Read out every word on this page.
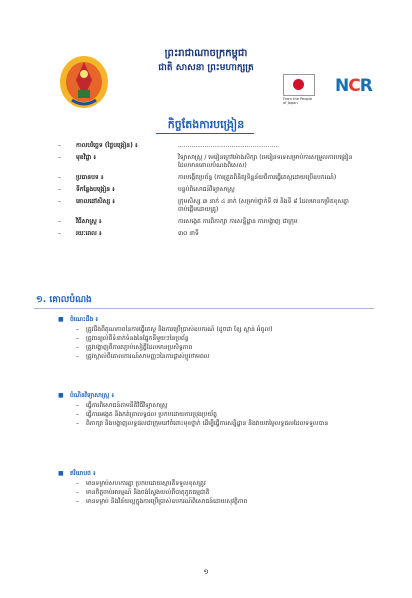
ព្រះរាជាណាចក្រកម្ពុជា
ជាតិ សាសនា ព្រះមហាក្សត្រ
From the People of Japan
NCR
កិច្ចតែងការបង្រៀន
–	កាលបរិច្ឆេទ (ថ្ងៃបង្រៀន) ៖	.....................................................
–	មុខវិជ្ជា ៖	វិទ្យាសាស្ត្រ / មេរៀនក្រៅម៉ោងសិក្សា (មេរៀនទទេសម្រាប់ការសម្រួលការបង្រៀនដែលមានគោលបំណងពិសេស)
–	ប្រធានបទ ៖	ការបង្កើតប្រព័ន្ធ (ការត្រួតពិនិត្យទិន្នន័យពីការធ្វើតេស្តដោយប្រើឧបករណ៍)
–	ទីកន្លែងបង្រៀន ៖	បន្ទប់ពិសោធន៍វិទ្យាសាស្ត្រ
–	គោលដៅសិស្ស ៖	ក្រុមសិស្ស ៣ នាក់ ៤ នាក់ (សម្រាប់ថ្នាក់ទី ៧ និងទី ៨ ដែលមានកម្រិតខុសគ្នា ចាប់ផ្តើមដោយគ្រូ)
–	វិធីសាស្ត្រ ៖	ការសង្កេត ការពិភាក្សា ការសន្និដ្ឋាន ការបង្ហាញ ជាក្រុម
–	រយៈពេល ៖	៣០ នាទី
១. គោលបំណង
■ ចំណេះដឹង ៖
– ត្រូវដឹងពីគុណភាពនៃការធ្វើតេស្ត និងការប្រើប្រាស់ឧបករណ៍ (ដូចជា ខ្សែ ស្ពាន់ អំពូល)
– ត្រូវពន្យល់ពីទំនាក់ទំនងនៃផ្នែកនីមួយៗនៃប្រព័ន្ធ
– ត្រូវបង្ហាញពីការតភ្ជាប់សៀគ្វីដែលមានប្រសិទ្ធភាព
– ត្រូវស្គាល់ពីគោលការណ៍សាមញ្ញៗនៃការផ្លាស់ប្តូរថាមពល
■ បំណិនវិទ្យាសាស្ត្រ ៖
– ធ្វើការពិសោធន៍តាមនីតិវិធីវិទ្យាសាស្ត្រ
– ធ្វើការអង្កេត និងកត់ត្រាលទ្ធផល ប្រកបដោយការប្រុងប្រយ័ត្ន
– ពិភាក្សា និងបង្ហាញលទ្ធផលជាក្រុមនៅចំពោះមុខថ្នាក់ ដើម្បីធ្វើការសន្និដ្ឋាន និងវាយតម្លៃលទ្ធផលដែលទទួលបាន
■ ឥរិយាបថ ៖
– មានទម្លាប់សហការគ្នា ប្រកបដោយស្មារតីទទួលខុសត្រូវ
– មានចិត្តចាប់អារម្មណ៍ និងចង់ស្វែងយល់ពីបាតុភូតធម្មជាតិ
– មានទម្លាប់ និងវិន័យល្អក្នុងការប្រើប្រាស់ឧបករណ៍ពិសោធន៍ដោយសុវត្ថិភាព
១
